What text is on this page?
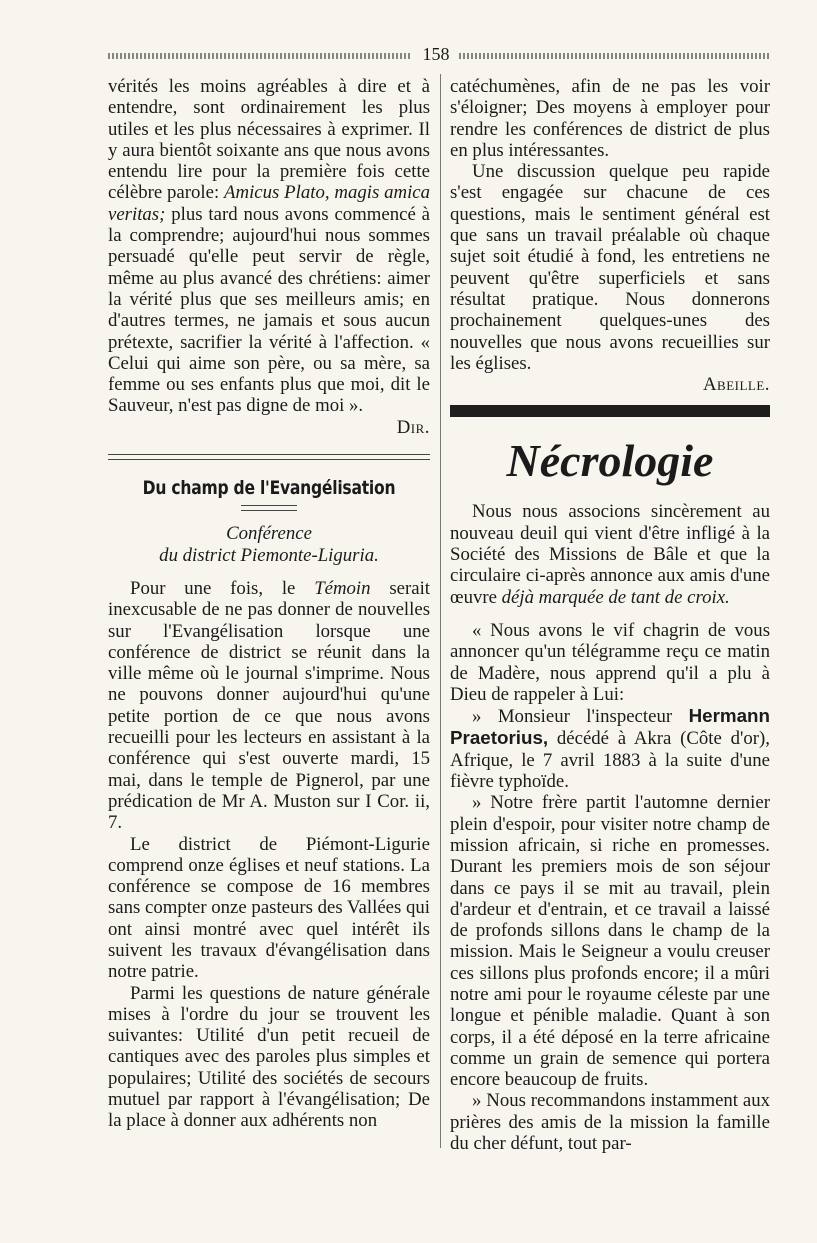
158

vérités les moins agréables à dire et à entendre, sont ordinairement les plus utiles et les plus nécessaires à exprimer. Il y aura bientôt soixante ans que nous avons entendu lire pour la première fois cette célèbre parole: Amicus Plato, magis amica veritas; plus tard nous avons commencé à la comprendre; aujourd'hui nous sommes persuadé qu'elle peut servir de règle, même au plus avancé des chrétiens: aimer la vérité plus que ses meilleurs amis; en d'autres termes, ne jamais et sous aucun prétexte, sacrifier la vérité à l'affection. « Celui qui aime son père, ou sa mère, sa femme ou ses enfants plus que moi, dit le Sauveur, n'est pas digne de moi ».

Dir.

Du champ de l'Evangélisation

Conférence

du district Piemonte-Liguria.

Pour une fois, le Témoin serait inexcusable de ne pas donner de nouvelles sur l'Evangélisation lorsque une conférence de district se réunit dans la ville même où le journal s'imprime. Nous ne pouvons donner aujourd'hui qu'une petite portion de ce que nous avons recueilli pour les lecteurs en assistant à la conférence qui s'est ouverte mardi, 15 mai, dans le temple de Pignerol, par une prédication de Mr A. Muston sur I Cor. ii, 7.

Le district de Piémont-Ligurie comprend onze églises et neuf stations. La conférence se compose de 16 membres sans compter onze pasteurs des Vallées qui ont ainsi montré avec quel intérêt ils suivent les travaux d'évangélisation dans notre patrie.

Parmi les questions de nature générale mises à l'ordre du jour se trouvent les suivantes: Utilité d'un petit recueil de cantiques avec des paroles plus simples et populaires; Utilité des sociétés de secours mutuel par rapport à l'évangélisation; De la place à donner aux adhérents non

catéchumènes, afin de ne pas les voir s'éloigner; Des moyens à employer pour rendre les conférences de district de plus en plus intéressantes.

Une discussion quelque peu rapide s'est engagée sur chacune de ces questions, mais le sentiment général est que sans un travail préalable où chaque sujet soit étudié à fond, les entretiens ne peuvent qu'être superficiels et sans résultat pratique. Nous donnerons prochainement quelques-unes des nouvelles que nous avons recueillies sur les églises.

Abeille.

Nécrologie

Nous nous associons sincèrement au nouveau deuil qui vient d'être infligé à la Société des Missions de Bâle et que la circulaire ci-après annonce aux amis d'une œuvre déjà marquée de tant de croix.

« Nous avons le vif chagrin de vous annoncer qu'un télégramme reçu ce matin de Madère, nous apprend qu'il a plu à Dieu de rappeler à Lui:

» Monsieur l'inspecteur Hermann Praetorius, décédé à Akra (Côte d'or), Afrique, le 7 avril 1883 à la suite d'une fièvre typhoïde.

» Notre frère partit l'automne dernier plein d'espoir, pour visiter notre champ de mission africain, si riche en promesses. Durant les premiers mois de son séjour dans ce pays il se mit au travail, plein d'ardeur et d'entrain, et ce travail a laissé de profonds sillons dans le champ de la mission. Mais le Seigneur a voulu creuser ces sillons plus profonds encore; il a mûri notre ami pour le royaume céleste par une longue et pénible maladie. Quant à son corps, il a été déposé en la terre africaine comme un grain de semence qui portera encore beaucoup de fruits.

» Nous recommandons instamment aux prières des amis de la mission la famille du cher défunt, tout par-
